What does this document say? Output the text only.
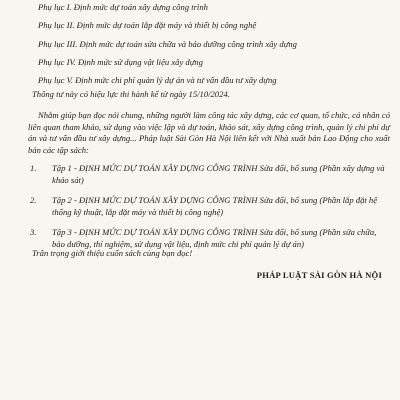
Phụ lục I. Định mức dự toán xây dựng công trình
Phụ lục II. Định mức dự toán lắp đặt máy và thiết bị công nghệ
Phụ lục III. Định mức dự toán sửa chữa và bảo dưỡng công trình xây dựng
Phụ lục IV. Định mức sử dụng vật liệu xây dựng
Phụ lục V. Định mức chi phí quản lý dự án và tư vấn đầu tư xây dựng
Thông tư này có hiệu lực thi hành kể từ ngày 15/10/2024.

Nhằm giúp bạn đọc nói chung, những người làm công tác xây dựng, các cơ quan, tổ chức, cá nhân có liên quan tham khảo, sử dụng vào việc lập và dự toán, khảo sát, xây dựng công trình, quản lý chi phí dự án và tư vấn đầu tư xây dựng... Pháp luật Sài Gòn Hà Nội liên kết với Nhà xuất bản Lao Động cho xuất bản các tập sách:

1. Tập 1 - ĐỊNH MỨC DỰ TOÁN XÂY DỰNG CÔNG TRÌNH Sửa đổi, bổ sung (Phần xây dựng và khảo sát)
2. Tập 2 - ĐỊNH MỨC DỰ TOÁN XÂY DỰNG CÔNG TRÌNH Sửa đổi, bổ sung (Phần lắp đặt hệ thống kỹ thuật, lắp đặt máy và thiết bị công nghệ)
3. Tập 3 - ĐỊNH MỨC DỰ TOÁN XÂY DỰNG CÔNG TRÌNH Sửa đổi, bổ sung (Phần sửa chữa, bảo dưỡng, thí nghiệm, sử dụng vật liệu, định mức chi phí quản lý dự án)
Trân trọng giới thiệu cuốn sách cùng bạn đọc!
PHÁP LUẬT SÀI GÒN HÀ NỘI
